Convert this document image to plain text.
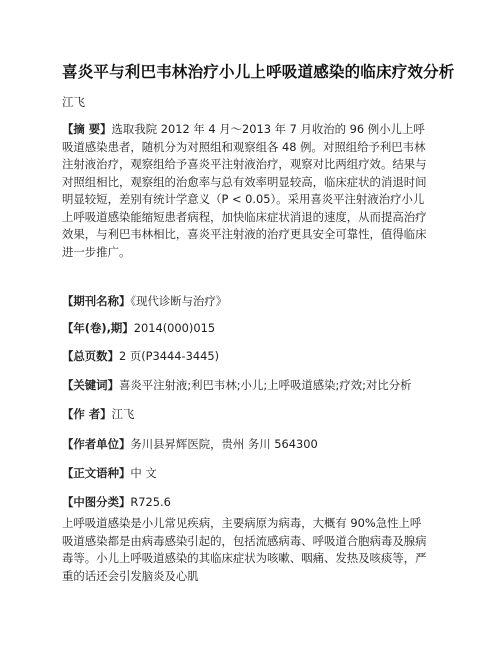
喜炎平与利巴韦林治疗小儿上呼吸道感染的临床疗效分析
江飞

【摘 要】选取我院 2012 年 4 月～2013 年 7 月收治的 96 例小儿上呼吸道感染患者，随机分为对照组和观察组各 48 例。对照组给予利巴韦林注射液治疗，观察组给予喜炎平注射液治疗，观察对比两组疗效。结果与对照组相比，观察组的治愈率与总有效率明显较高，临床症状的消退时间明显较短，差别有统计学意义（P < 0.05）。采用喜炎平注射液治疗小儿上呼吸道感染能缩短患者病程，加快临床症状消退的速度，从而提高治疗效果，与利巴韦林相比，喜炎平注射液的治疗更具安全可靠性，值得临床进一步推广。

【期刊名称】《现代诊断与治疗》
【年(卷),期】2014(000)015
【总页数】2 页(P3444-3445)
【关键词】喜炎平注射液;利巴韦林;小儿;上呼吸道感染;疗效;对比分析
【作 者】江飞
【作者单位】务川县昇辉医院，贵州 务川 564300
【正文语种】中 文
【中图分类】R725.6

上呼吸道感染是小儿常见疾病，主要病原为病毒，大概有 90%急性上呼吸道感染都是由病毒感染引起的，包括流感病毒、呼吸道合胞病毒及腺病毒等。小儿上呼吸道感染的其临床症状为咳嗽、咽痛、发热及咳痰等，严重的话还会引发脑炎及心肌
